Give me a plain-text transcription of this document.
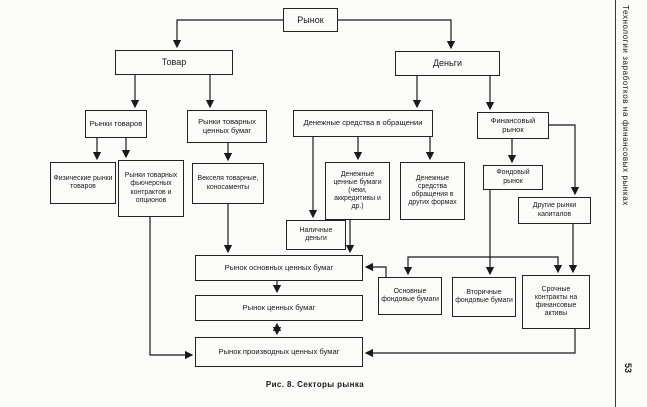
Рынок
Товар	Деньги
Рынки товаров	Рынки товарных ценных бумаг
Физические рынки товаров
Рынки товарных фьючерсных контрактов и опционов
Векселя товарные, коносаменты
Денежные средства в обращении	Финансовый рынок
Денежные ценные бумаги (чеки, аккредитивы и др.)
Денежные средства обращения в других формах
Фондовый рынок
Наличные деньги
Другие рынки капиталов
Рынок основных ценных бумаг
Рынок ценных бумаг
Рынок производных ценных бумаг
Основные фондовые бумаги
Вторичные фондовые бумаги
Срочные контракты на финансовые активы
Рис. 8. Секторы рынка
Технологии заработков на финансовых рынках
53
